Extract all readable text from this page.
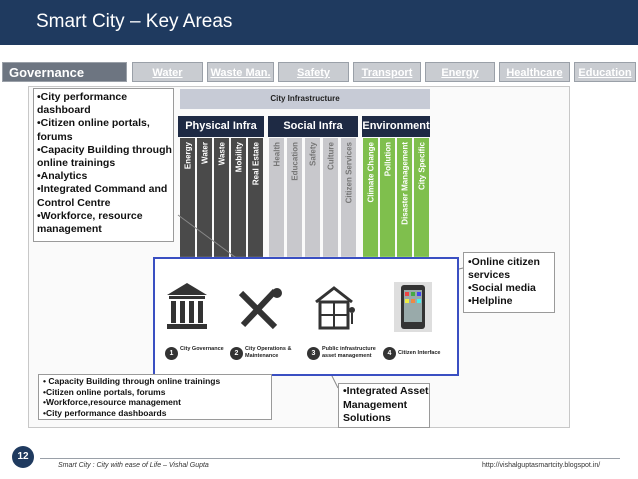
Smart City – Key Areas
Governance	Water	Waste Man.	Safety	Transport	Energy	Healthcare	Education
City Infrastructure
Physical Infra	Social Infra	Environment
Energy Water Waste Mobility Real Estate Health Education Safety Culture Citizen Services Climate Change Pollution Disaster Management City Specific
1
City Governance
2
City Operations & Maintenance	3
Public infrastructure asset management	4	Citizen Interface
•City performance
dashboard
•Citizen online portals,
forums
•Capacity Building through
online trainings
•Analytics
•Integrated Command and
Control Centre
•Workforce, resource
management
•Online citizen
services
•Social media
•Helpline
• Capacity Building through online trainings
•Citizen online portals, forums
•Workforce,resource management
•City performance dashboards
•Integrated Asset
Management
Solutions
12
Smart City : City with ease of Life – Vishal Gupta	http://vishalguptasmartcity.blogspot.in/
